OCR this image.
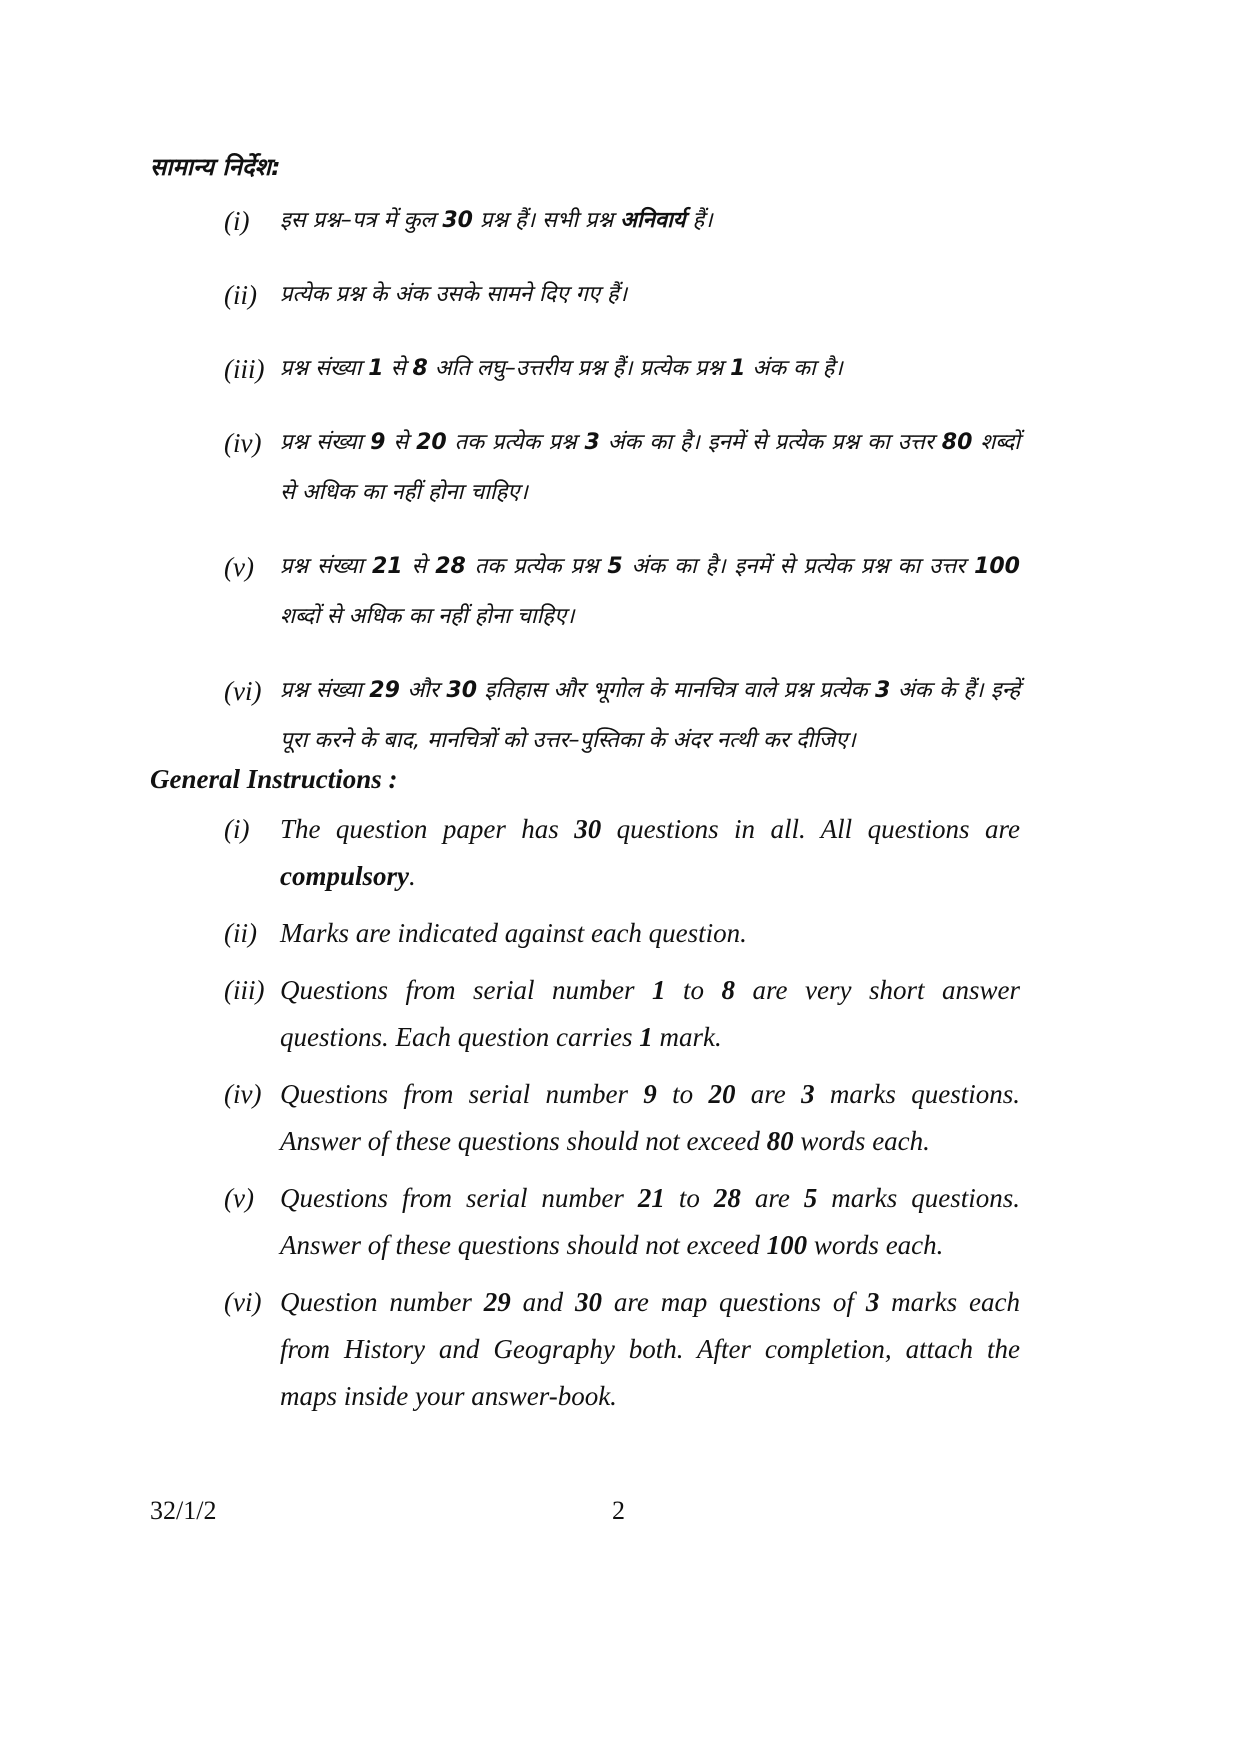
सामान्य निर्देश:
(i) इस प्रश्न–पत्र में कुल 30 प्रश्न हैं। सभी प्रश्न अनिवार्य हैं।
(ii) प्रत्येक प्रश्न के अंक उसके सामने दिए गए हैं।
(iii) प्रश्न संख्या 1 से 8 अति लघु–उत्तरीय प्रश्न हैं। प्रत्येक प्रश्न 1 अंक का है।
(iv) प्रश्न संख्या 9 से 20 तक प्रत्येक प्रश्न 3 अंक का है। इनमें से प्रत्येक प्रश्न का उत्तर 80 शब्दों से अधिक का नहीं होना चाहिए।
(v) प्रश्न संख्या 21 से 28 तक प्रत्येक प्रश्न 5 अंक का है। इनमें से प्रत्येक प्रश्न का उत्तर 100 शब्दों से अधिक का नहीं होना चाहिए।
(vi) प्रश्न संख्या 29 और 30 इतिहास और भूगोल के मानचित्र वाले प्रश्न प्रत्येक 3 अंक के हैं। इन्हें पूरा करने के बाद, मानचित्रों को उत्तर–पुस्तिका के अंदर नत्थी कर दीजिए।
General Instructions :
(i) The question paper has 30 questions in all. All questions are compulsory.
(ii) Marks are indicated against each question.
(iii) Questions from serial number 1 to 8 are very short answer questions. Each question carries 1 mark.
(iv) Questions from serial number 9 to 20 are 3 marks questions. Answer of these questions should not exceed 80 words each.
(v) Questions from serial number 21 to 28 are 5 marks questions. Answer of these questions should not exceed 100 words each.
(vi) Question number 29 and 30 are map questions of 3 marks each from History and Geography both. After completion, attach the maps inside your answer-book.
32/1/2	2
